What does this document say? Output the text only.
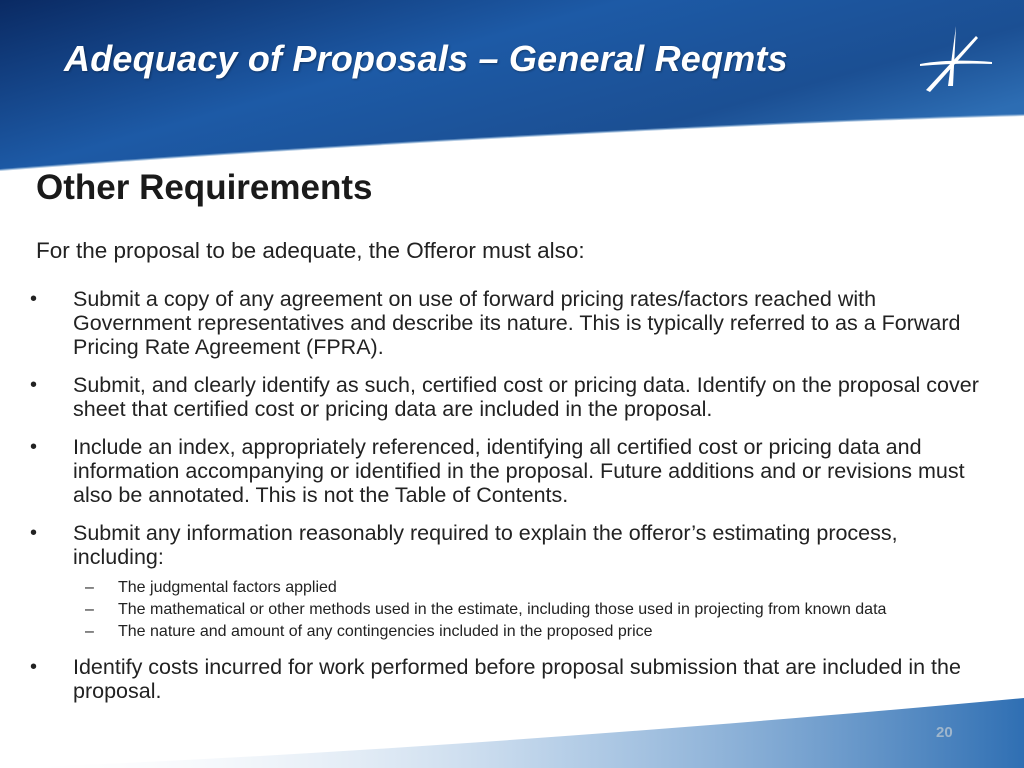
Adequacy of Proposals – General Reqmts
Other Requirements

For the proposal to be adequate, the Offeror must also:

• Submit a copy of any agreement on use of forward pricing rates/factors reached with Government representatives and describe its nature. This is typically referred to as a Forward Pricing Rate Agreement (FPRA).
• Submit, and clearly identify as such, certified cost or pricing data. Identify on the proposal cover sheet that certified cost or pricing data are included in the proposal.
• Include an index, appropriately referenced, identifying all certified cost or pricing data and information accompanying or identified in the proposal. Future additions and or revisions must also be annotated. This is not the Table of Contents.
• Submit any information reasonably required to explain the offeror’s estimating process, including:
– The judgmental factors applied
– The mathematical or other methods used in the estimate, including those used in projecting from known data
– The nature and amount of any contingencies included in the proposed price
• Identify costs incurred for work performed before proposal submission that are included in the proposal.
20
